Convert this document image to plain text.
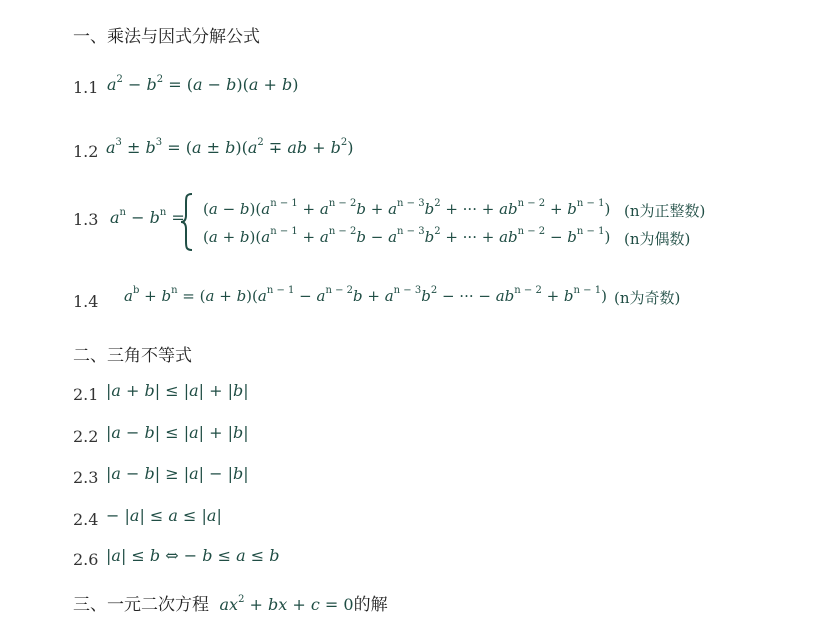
一、乘法与因式分解公式
1.1 $a^2 - b^2 = (a - b)(a + b)$
1.2 $a^3 \pm b^3 = (a \pm b)(a^2$ ∓ ab + $b^2$)
1.3 $a^n - b^n = (a - b)(a^{n - 1} + a^{n - 2}b + a^{n - 3}b^2$ + ··· + $ab^{n - 2} + b^{n - 1}$) (n为正整数)
$(a + b)(a^{n - 1} + a^{n - 2}b - a^{n - 3}b^2$ + ··· + $ab^{n - 2} - b^{n - 1}$) (n为偶数)
1.4 $a^b + b^n = (a + b)(a^{n - 1} - a^{n - 2}b + a^{n - 3}b^2$ − ··· − $ab^{n - 2} + b^{n - 1}$) (n为奇数)
二、三角不等式
2.1 |a + b| ≤ |a| + |b|
2.2 |a − b| ≤ |a| + |b|
2.3 |a − b| ≥ |a| − |b|
2.4 − |a| ≤ a ≤ |a|
2.6 |a| ≤ b ⇔ − b ≤ a ≤ b
三、一元二次方程 $ax^2$ + bx + c = 0的解
